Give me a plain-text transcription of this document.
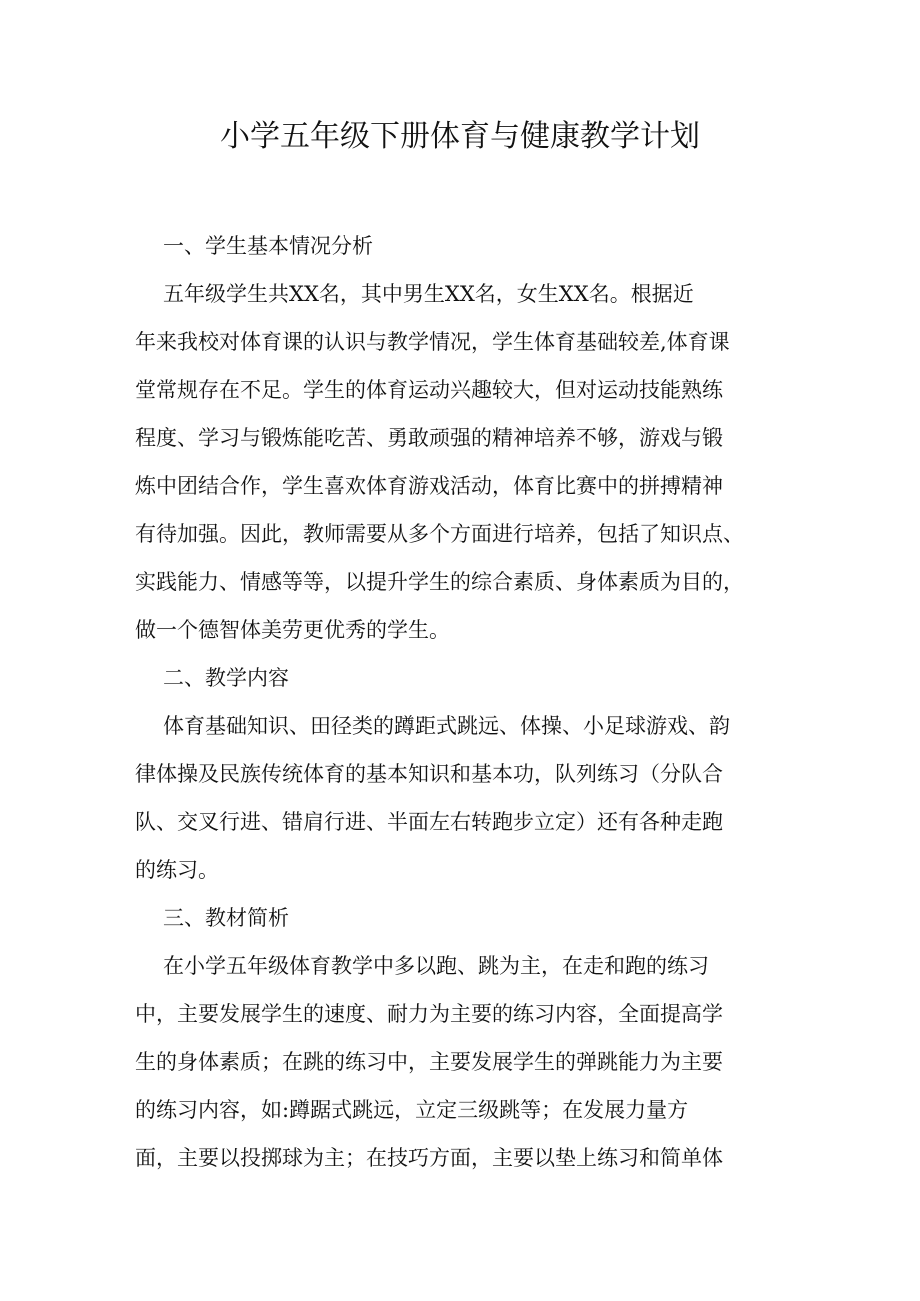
小学五年级下册体育与健康教学计划
一、学生基本情况分析
五年级学生共XX名，其中男生XX名，女生XX名。根据近
年来我校对体育课的认识与教学情况，学生体育基础较差,体育课
堂常规存在不足。学生的体育运动兴趣较大，但对运动技能熟练
程度、学习与锻炼能吃苦、勇敢顽强的精神培养不够，游戏与锻
炼中团结合作，学生喜欢体育游戏活动，体育比赛中的拼搏精神
有待加强。因此，教师需要从多个方面进行培养，包括了知识点、
实践能力、情感等等，以提升学生的综合素质、身体素质为目的，
做一个德智体美劳更优秀的学生。
二、教学内容
体育基础知识、田径类的蹲距式跳远、体操、小足球游戏、韵
律体操及民族传统体育的基本知识和基本功，队列练习（分队合
队、交叉行进、错肩行进、半面左右转跑步立定）还有各种走跑
的练习。
三、教材简析
在小学五年级体育教学中多以跑、跳为主，在走和跑的练习
中，主要发展学生的速度、耐力为主要的练习内容，全面提高学
生的身体素质；在跳的练习中，主要发展学生的弹跳能力为主要
的练习内容，如:蹲踞式跳远，立定三级跳等；在发展力量方
面，主要以投掷球为主；在技巧方面，主要以垫上练习和简单体
